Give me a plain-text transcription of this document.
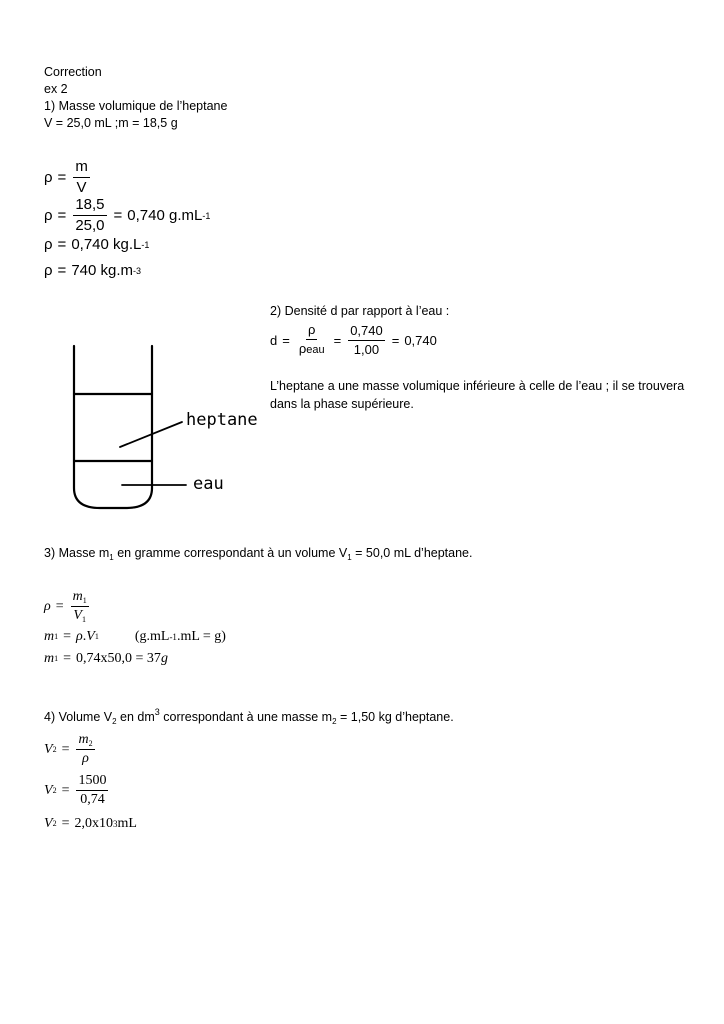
Correction
ex 2
1) Masse volumique de l’heptane
V = 25,0 mL ;m = 18,5 g
$\rho = \frac{m}{V}$
$\rho = \frac{18,5}{25,0} = 0,740$ g.mL -1
ρ = 0,740 kg.L -1
ρ = 740 kg.m -3
2) Densité d par rapport à l’eau :
$d = \frac{\rho}{\text{ρeau}} = \frac{0,740}{1,00} = 0,740$
L’heptane a une masse volumique inférieure à celle de l’eau ; il se trouvera
dans la phase supérieure.
heptane
eau
3) Masse $m_1$ en gramme correspondant à un volume $V_1 = 50,0$ mL d’heptane.
$\rho = \frac{m_1}{V_1}$
m 1 = ρ . V 1	(g.mL -1 .mL = g)
m 1 = 0,74x50,0 = 37 g
4) Volume $V_2$ en $dm^3$ correspondant à une masse $m_2 = 1,50$ kg d’heptane.
V $2 = \frac{m_2}{\rho}$
V $2 = \frac{1500}{0,74}$
V 2 = 2,0x10 3 mL
